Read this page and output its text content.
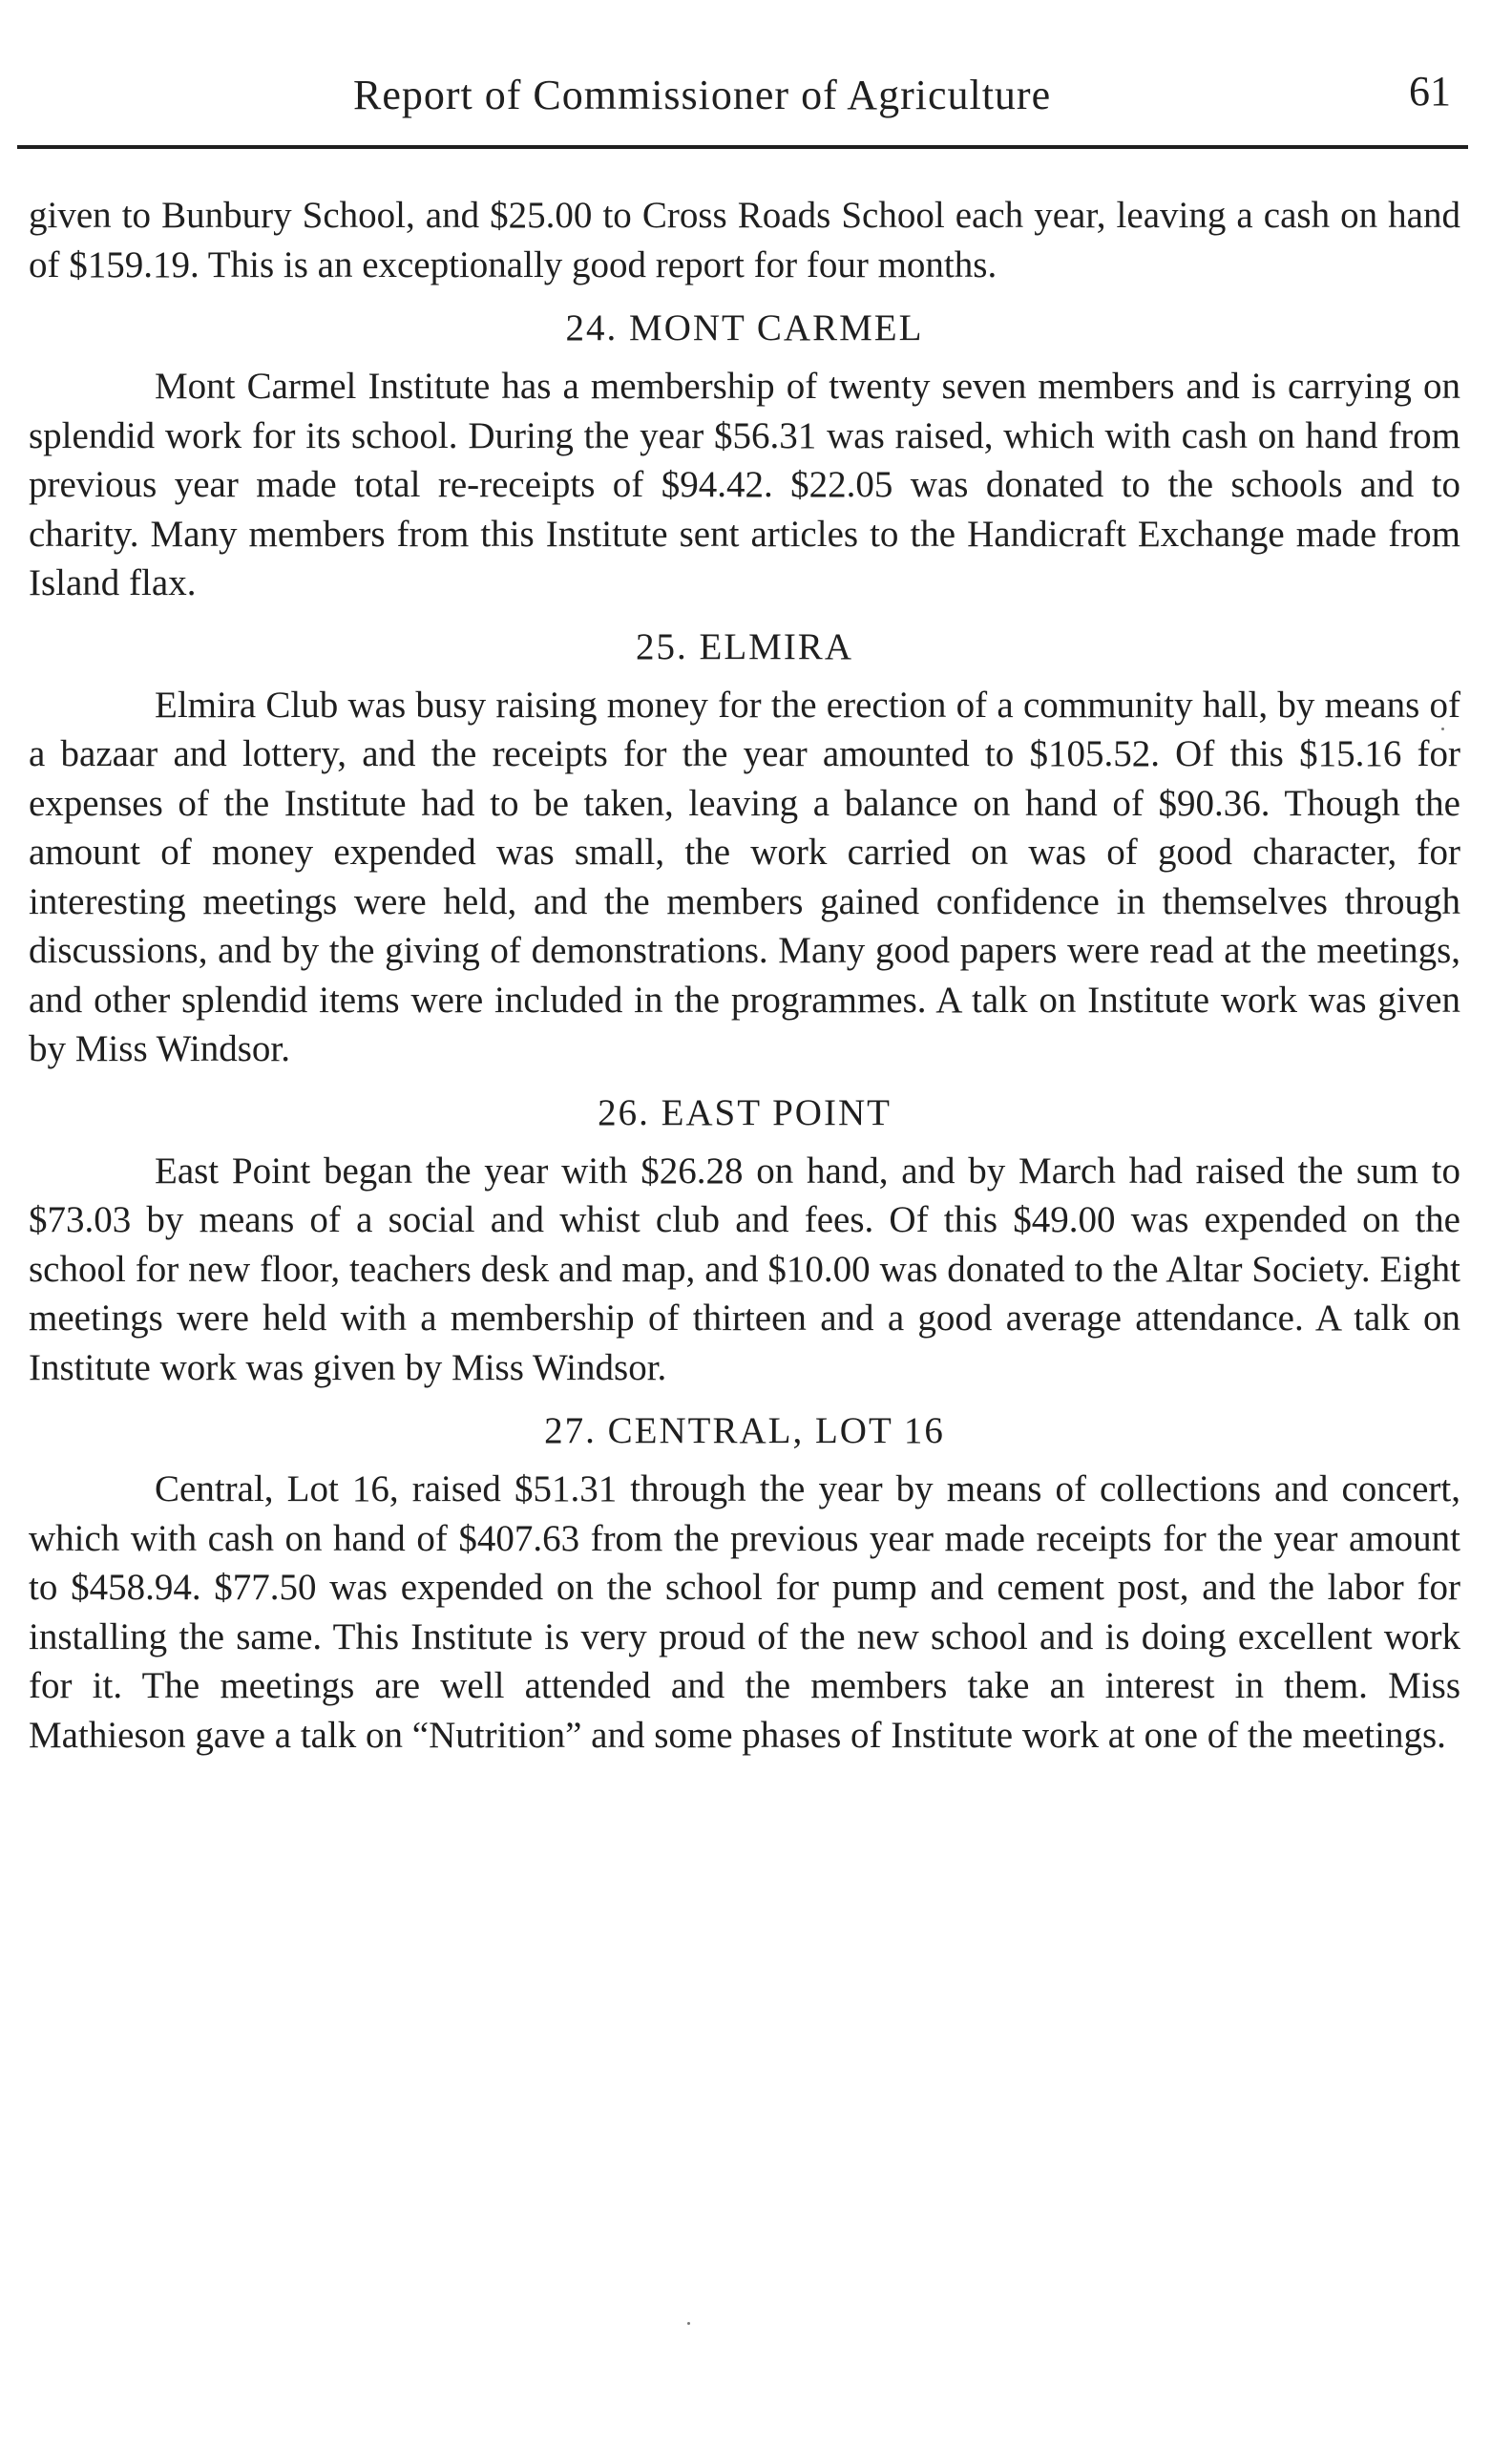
Report of Commissioner of Agriculture	61

given to Bunbury School, and $25.00 to Cross Roads School each year, leaving a cash on hand of $159.19. This is an exceptionally good report for four months.

24. MONT CARMEL

Mont Carmel Institute has a membership of twenty seven members and is carrying on splendid work for its school. During the year $56.31 was raised, which with cash on hand from previous year made total re-receipts of $94.42. $22.05 was donated to the schools and to charity. Many members from this Institute sent articles to the Handicraft Exchange made from Island flax.

25. ELMIRA

Elmira Club was busy raising money for the erection of a community hall, by means of a bazaar and lottery, and the receipts for the year amounted to $105.52. Of this $15.16 for expenses of the Institute had to be taken, leaving a balance on hand of $90.36. Though the amount of money expended was small, the work carried on was of good character, for interesting meetings were held, and the members gained confidence in themselves through discussions, and by the giving of demonstrations. Many good papers were read at the meetings, and other splendid items were included in the programmes. A talk on Institute work was given by Miss Windsor.

26. EAST POINT

East Point began the year with $26.28 on hand, and by March had raised the sum to $73.03 by means of a social and whist club and fees. Of this $49.00 was expended on the school for new floor, teachers desk and map, and $10.00 was donated to the Altar Society. Eight meetings were held with a membership of thirteen and a good average attendance. A talk on Institute work was given by Miss Windsor.

27. CENTRAL, LOT 16

Central, Lot 16, raised $51.31 through the year by means of collections and concert, which with cash on hand of $407.63 from the previous year made receipts for the year amount to $458.94. $77.50 was expended on the school for pump and cement post, and the labor for installing the same. This Institute is very proud of the new school and is doing excellent work for it. The meetings are well attended and the members take an interest in them. Miss Mathieson gave a talk on “Nutrition” and some phases of Institute work at one of the meetings.
